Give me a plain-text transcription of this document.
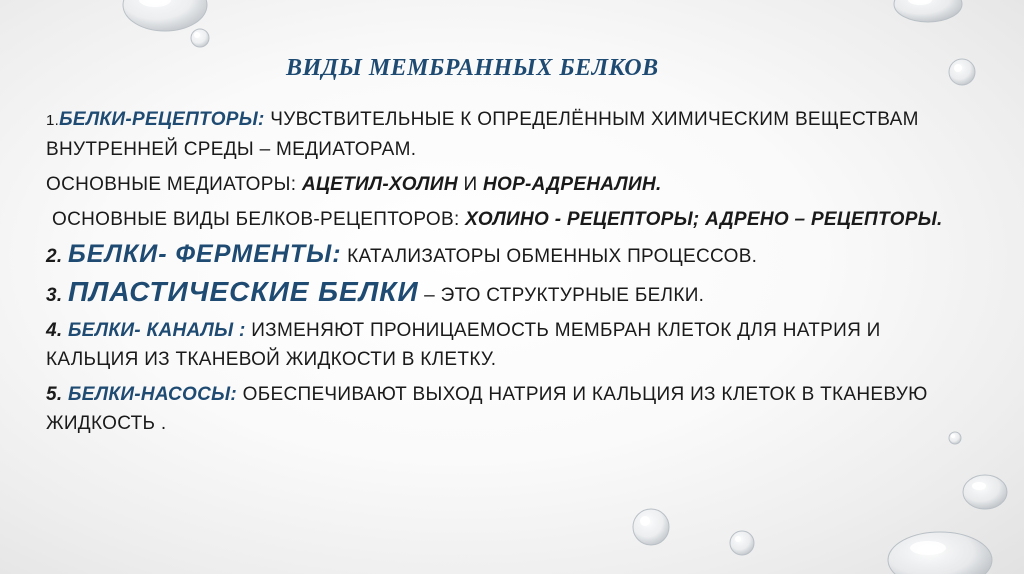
ВИДЫ МЕМБРАННЫХ БЕЛКОВ

1.БЕЛКИ-РЕЦЕПТОРЫ: ЧУВСТВИТЕЛЬНЫЕ К ОПРЕДЕЛЁННЫМ ХИМИЧЕСКИМ ВЕЩЕСТВАМ ВНУТРЕННЕЙ СРЕДЫ – МЕДИАТОРАМ.

ОСНОВНЫЕ МЕДИАТОРЫ: АЦЕТИЛ-ХОЛИН И НОР-АДРЕНАЛИН.

ОСНОВНЫЕ ВИДЫ БЕЛКОВ-РЕЦЕПТОРОВ: ХОЛИНО - РЕЦЕПТОРЫ; АДРЕНО – РЕЦЕПТОРЫ.

2. БЕЛКИ- ФЕРМЕНТЫ: КАТАЛИЗАТОРЫ ОБМЕННЫХ ПРОЦЕССОВ.

3. ПЛАСТИЧЕСКИЕ БЕЛКИ – ЭТО СТРУКТУРНЫЕ БЕЛКИ.

4. БЕЛКИ- КАНАЛЫ : ИЗМЕНЯЮТ ПРОНИЦАЕМОСТЬ МЕМБРАН КЛЕТОК ДЛЯ НАТРИЯ И КАЛЬЦИЯ ИЗ ТКАНЕВОЙ ЖИДКОСТИ В КЛЕТКУ.

5. БЕЛКИ-НАСОСЫ: ОБЕСПЕЧИВАЮТ ВЫХОД НАТРИЯ И КАЛЬЦИЯ ИЗ КЛЕТОК В ТКАНЕВУЮ ЖИДКОСТЬ .
